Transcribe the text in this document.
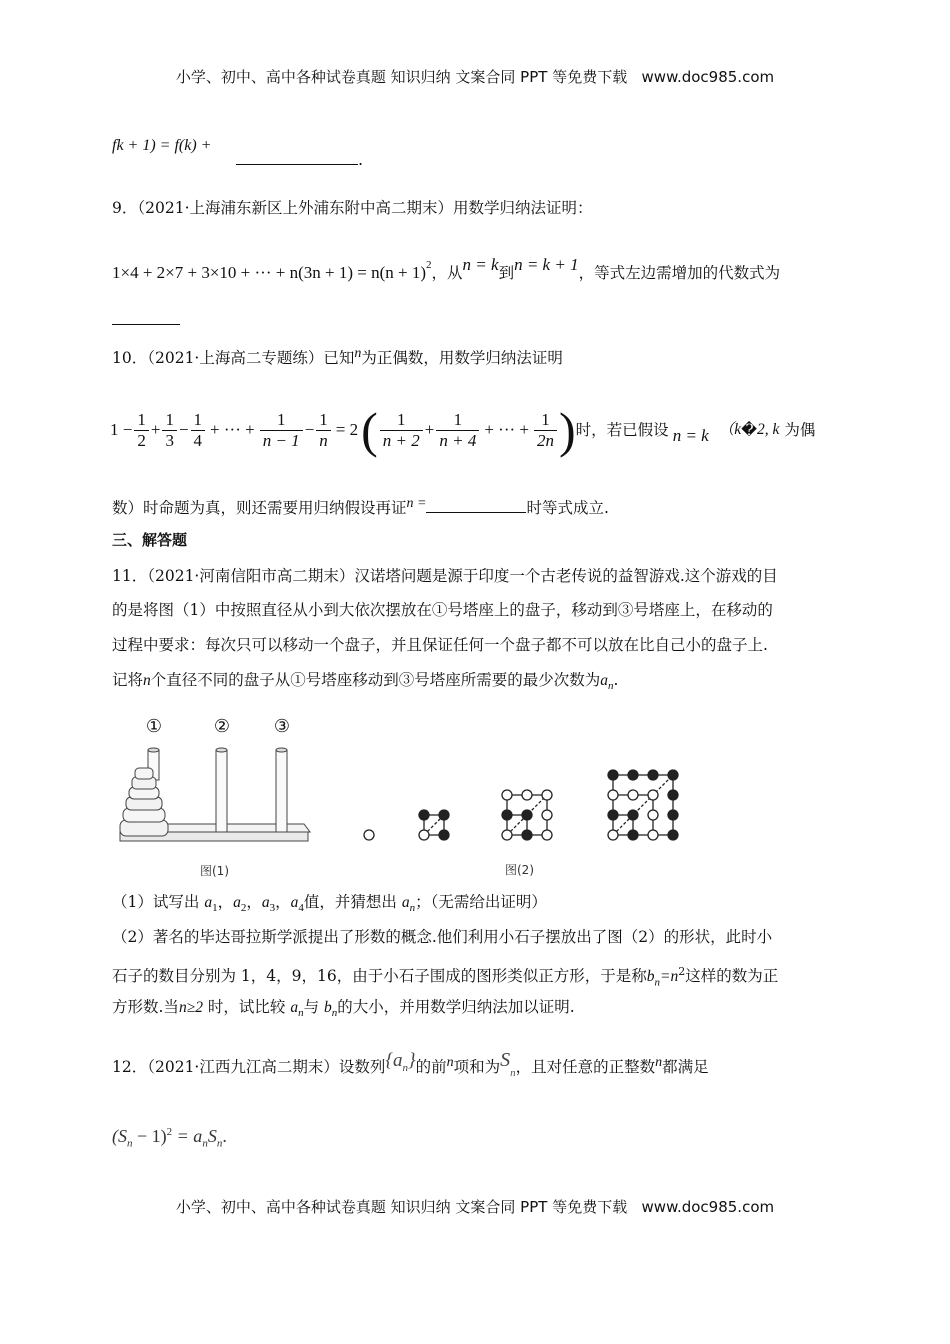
小学、初中、高中各种试卷真题 知识归纳 文案合同 PPT 等免费下载 www.doc985.com
fk + 1) = f(k) +
.
9．（2021·上海浦东新区上外浦东附中高二期末）用数学归纳法证明：
1×4 + 2×7 + 3×10 + ··· + $n(3n + 1) = n(n + 1)^2$，从n = k到n = k + 1，等式左边需增加的代数式为
10．（2021·上海高二专题练）已知n为正偶数，用数学归纳法证明
$1 - \frac{1}{2} + \frac{1}{3} - \frac{1}{4}$ + ··· + $\frac{1}{n - 1} - \frac{1}{n} = 2$ ( $\frac{1}{n + 2} + \frac{1}{n + 4}$ + ··· + $\frac{1}{2n}$ ) 时，若已假设 n = k （k � 2, k
为偶
数）时命题为真，则还需要用归纳假设再证n =	时等式成立.
三、解答题
11．（2021·河南信阳市高二期末）汉诺塔问题是源于印度一个古老传说的益智游戏.这个游戏的目
的是将图（1）中按照直径从小到大依次摆放在①号塔座上的盘子，移动到③号塔座上，在移动的
过程中要求：每次只可以移动一个盘子，并且保证任何一个盘子都不可以放在比自己小的盘子上.
记将n个直径不同的盘子从①号塔座移动到③号塔座所需要的最少次数为$a_n$.
①	② ③
图(1)	图(2)
（1）试写出 $a_1$，$a_2$，$a_3$，$a_4$值，并猜想出 $a_n$；（无需给出证明）
（2）著名的毕达哥拉斯学派提出了形数的概念.他们利用小石子摆放出了图（2）的形状，此时小
石子的数目分别为 1，4，9，16，由于小石子围成的图形类似正方形，于是称$b_n=n^2$这样的数为正
方形数.当n≥2 时，试比较 $a_n$与 $b_n$的大小，并用数学归纳法加以证明.
12．（2021·江西九江高二期末）设数列$\{a_n\}$的前n项和为$S_n$，且对任意的正整数n都满足
$(S_n - 1)^2 = a_nS_n$.
小学、初中、高中各种试卷真题 知识归纳 文案合同 PPT 等免费下载 www.doc985.com
